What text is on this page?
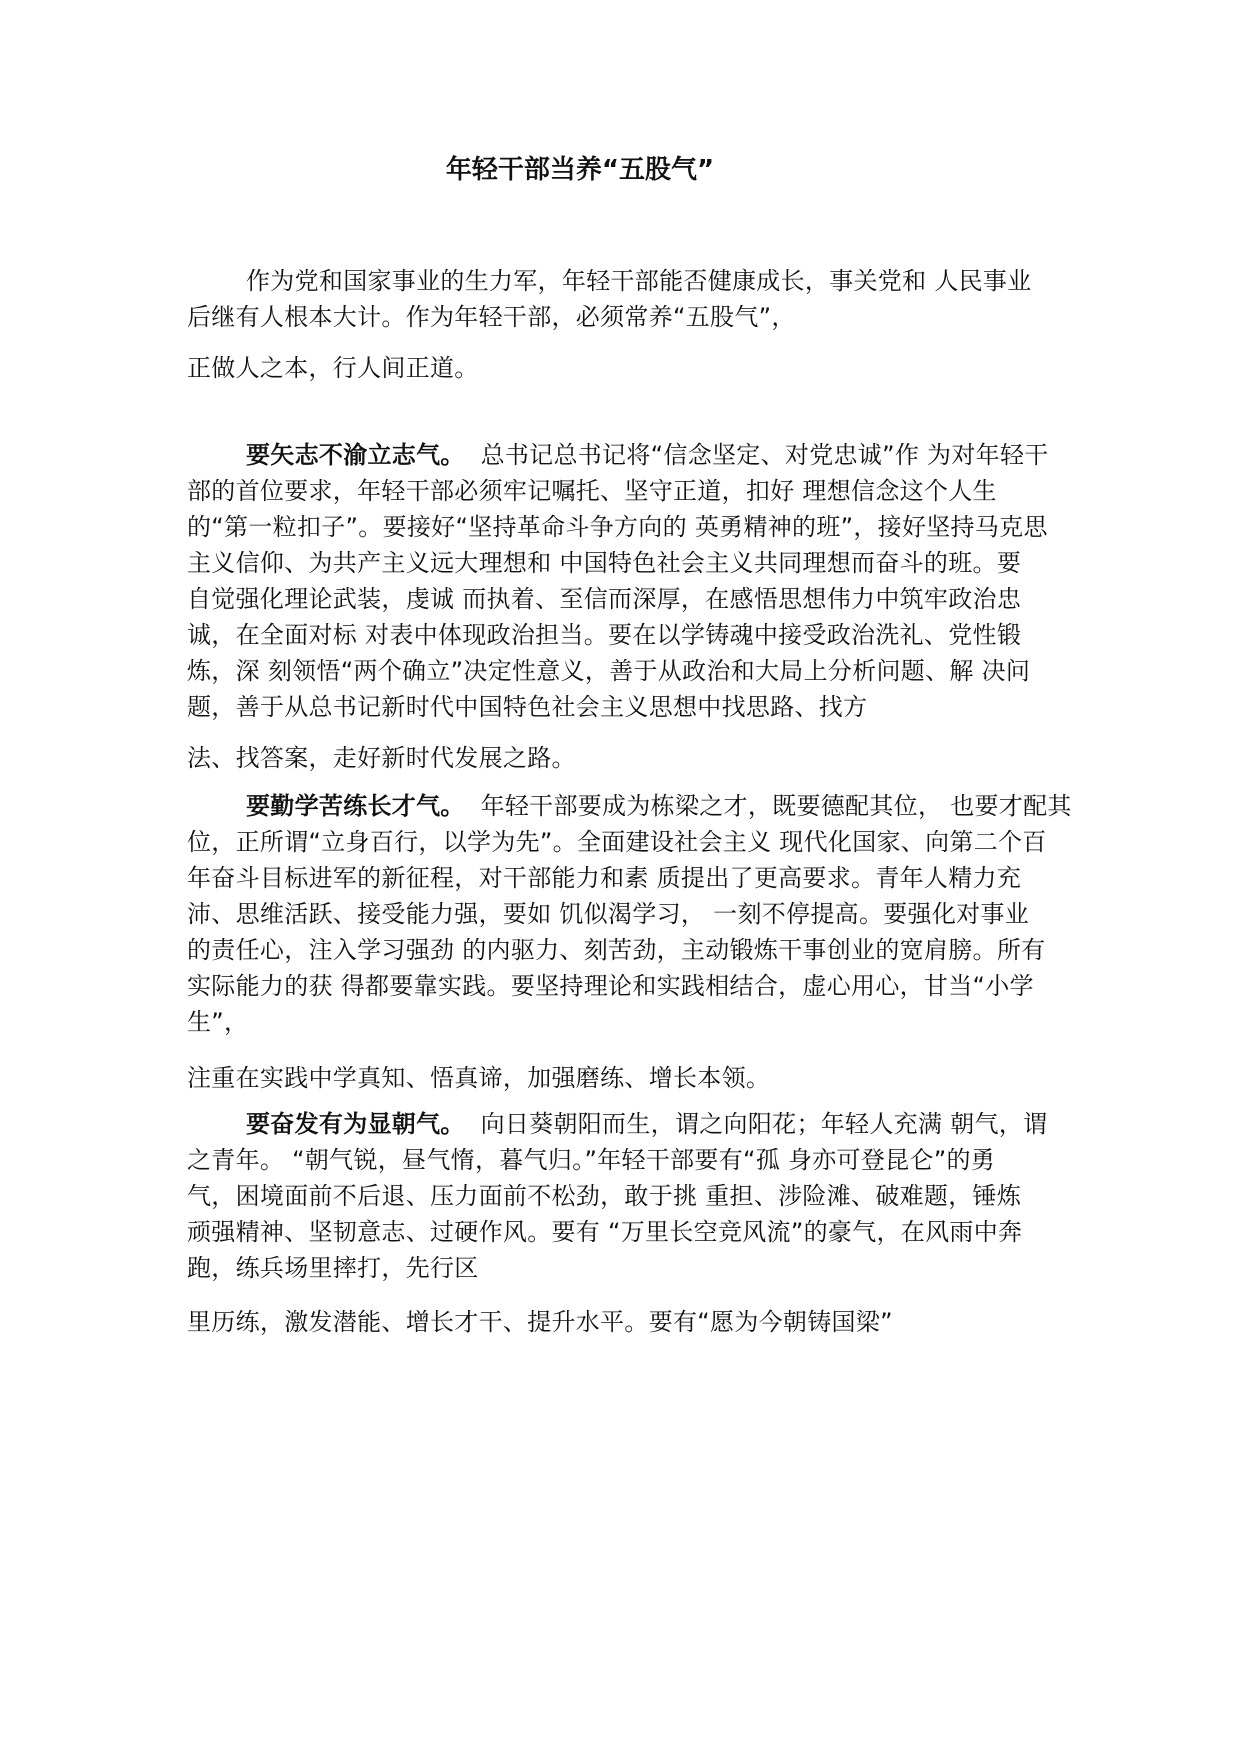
年轻干部当养“五股气”
作为党和国家事业的生力军，年轻干部能否健康成长，事关党和 人民事业
后继有人根本大计。作为年轻干部，必须常养“五股气”，
正做人之本，行人间正道。
要矢志不渝立志气。 总书记总书记将“信念坚定、对党忠诚”作 为对年轻干
部的首位要求，年轻干部必须牢记嘱托、坚守正道，扣好 理想信念这个人生
的“第一粒扣子”。要接好“坚持革命斗争方向的 英勇精神的班”，接好坚持马克思
主义信仰、为共产主义远大理想和 中国特色社会主义共同理想而奋斗的班。要
自觉强化理论武装，虔诚 而执着、至信而深厚，在感悟思想伟力中筑牢政治忠
诚，在全面对标 对表中体现政治担当。要在以学铸魂中接受政治洗礼、党性锻
炼，深 刻领悟“两个确立”决定性意义，善于从政治和大局上分析问题、解 决问
题，善于从总书记新时代中国特色社会主义思想中找思路、找方
法、找答案，走好新时代发展之路。
要勤学苦练长才气。 年轻干部要成为栋梁之才，既要德配其位， 也要才配其
位，正所谓“立身百行，以学为先”。全面建设社会主义 现代化国家、向第二个百
年奋斗目标进军的新征程，对干部能力和素 质提出了更高要求。青年人精力充
沛、思维活跃、接受能力强，要如 饥似渴学习， 一刻不停提高。要强化对事业
的责任心，注入学习强劲 的内驱力、刻苦劲，主动锻炼干事创业的宽肩膀。所有
实际能力的获 得都要靠实践。要坚持理论和实践相结合，虚心用心，甘当“小学
生”，
注重在实践中学真知、悟真谛，加强磨练、增长本领。
要奋发有为显朝气。 向日葵朝阳而生，谓之向阳花；年轻人充满 朝气，谓
之青年。 “朝气锐，昼气惰，暮气归。”年轻干部要有“孤 身亦可登昆仑”的勇
气，困境面前不后退、压力面前不松劲，敢于挑 重担、涉险滩、破难题，锤炼
顽强精神、坚韧意志、过硬作风。要有 “万里长空竞风流”的豪气，在风雨中奔
跑，练兵场里摔打，先行区
里历练，激发潜能、增长才干、提升水平。要有“愿为今朝铸国梁”
